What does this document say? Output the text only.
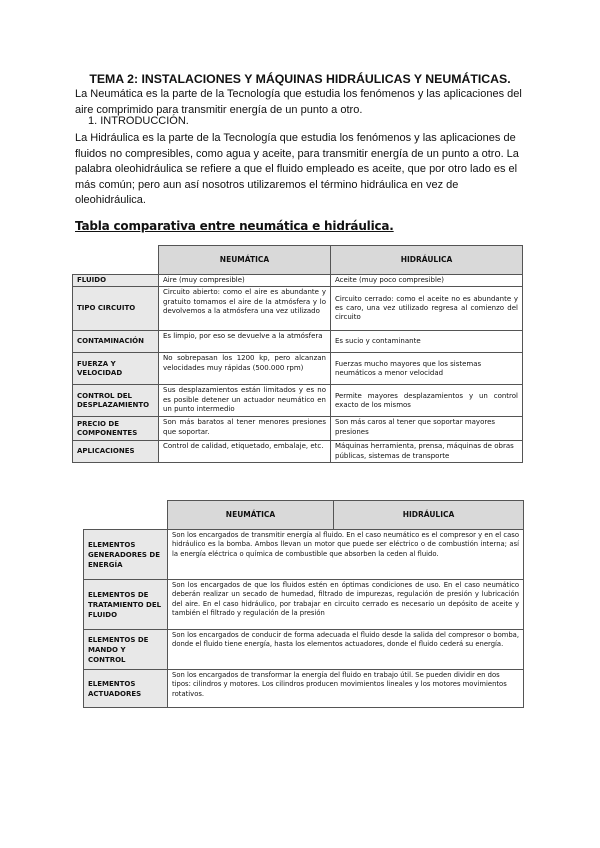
TEMA 2: INSTALACIONES Y MÁQUINAS HIDRÁULICAS Y NEUMÁTICAS.
La Neumática es la parte de la Tecnología que estudia los fenómenos y las aplicaciones del aire comprimido para transmitir energía de un punto a otro.
1. INTRODUCCIÓN.
La Hidráulica es la parte de la Tecnología que estudia los fenómenos y las aplicaciones de fluidos no compresibles, como agua y aceite, para transmitir energía de un punto a otro. La palabra oleohidráulica se refiere a que el fluido empleado es aceite, que por otro lado es el más común; pero aun así nosotros utilizaremos el término hidráulica en vez de oleohidráulica.
Tabla comparativa entre neumática e hidráulica.
	NEUMÁTICA	HIDRÁULICA
FLUIDO	Aire (muy compresible)	Aceite (muy poco compresible)
TIPO CIRCUITO	Circuito abierto: como el aire es abundante y gratuito tomamos el aire de la atmósfera y lo devolvemos a la atmósfera una vez utilizado	Circuito cerrado: como el aceite no es abundante y es caro, una vez utilizado regresa al comienzo del circuito
CONTAMINACIÓN	Es limpio, por eso se devuelve a la atmósfera	Es sucio y contaminante
FUERZA Y VELOCIDAD	No sobrepasan los 1200 kp, pero alcanzan velocidades muy rápidas (500.000 rpm)	Fuerzas mucho mayores que los sistemas neumáticos a menor velocidad
CONTROL DEL DESPLAZAMIENTO	Sus desplazamientos están limitados y es no es posible detener un actuador neumático en un punto intermedio	Permite mayores desplazamientos y un control exacto de los mismos
PRECIO DE COMPONENTES	Son más baratos al tener menores presiones que soportar.	Son más caros al tener que soportar mayores presiones
APLICACIONES	Control de calidad, etiquetado, embalaje, etc.	Máquinas herramienta, prensa, máquinas de obras públicas, sistemas de transporte
	NEUMÁTICA	HIDRÁULICA
ELEMENTOS GENERADORES DE ENERGÍA	Son los encargados de transmitir energía al fluido. En el caso neumático es el compresor y en el caso hidráulico es la bomba. Ambos llevan un motor que puede ser eléctrico o de combustión interna; así la energía eléctrica o química de combustible que absorben la ceden al fluido.	
ELEMENTOS DE TRATAMIENTO DEL FLUIDO	Son los encargados de que los fluidos estén en óptimas condiciones de uso. En el caso neumático deberán realizar un secado de humedad, filtrado de impurezas, regulación de presión y lubricación del aire. En el caso hidráulico, por trabajar en circuito cerrado es necesario un depósito de aceite y también el filtrado y regulación de la presión	
ELEMENTOS DE MANDO Y CONTROL	Son los encargados de conducir de forma adecuada el fluido desde la salida del compresor o bomba, donde el fluido tiene energía, hasta los elementos actuadores, donde el fluido cederá su energía.	
ELEMENTOS ACTUADORES	Son los encargados de transformar la energía del fluido en trabajo útil. Se pueden dividir en dos tipos: cilindros y motores. Los cilindros producen movimientos lineales y los motores movimientos rotativos.	
